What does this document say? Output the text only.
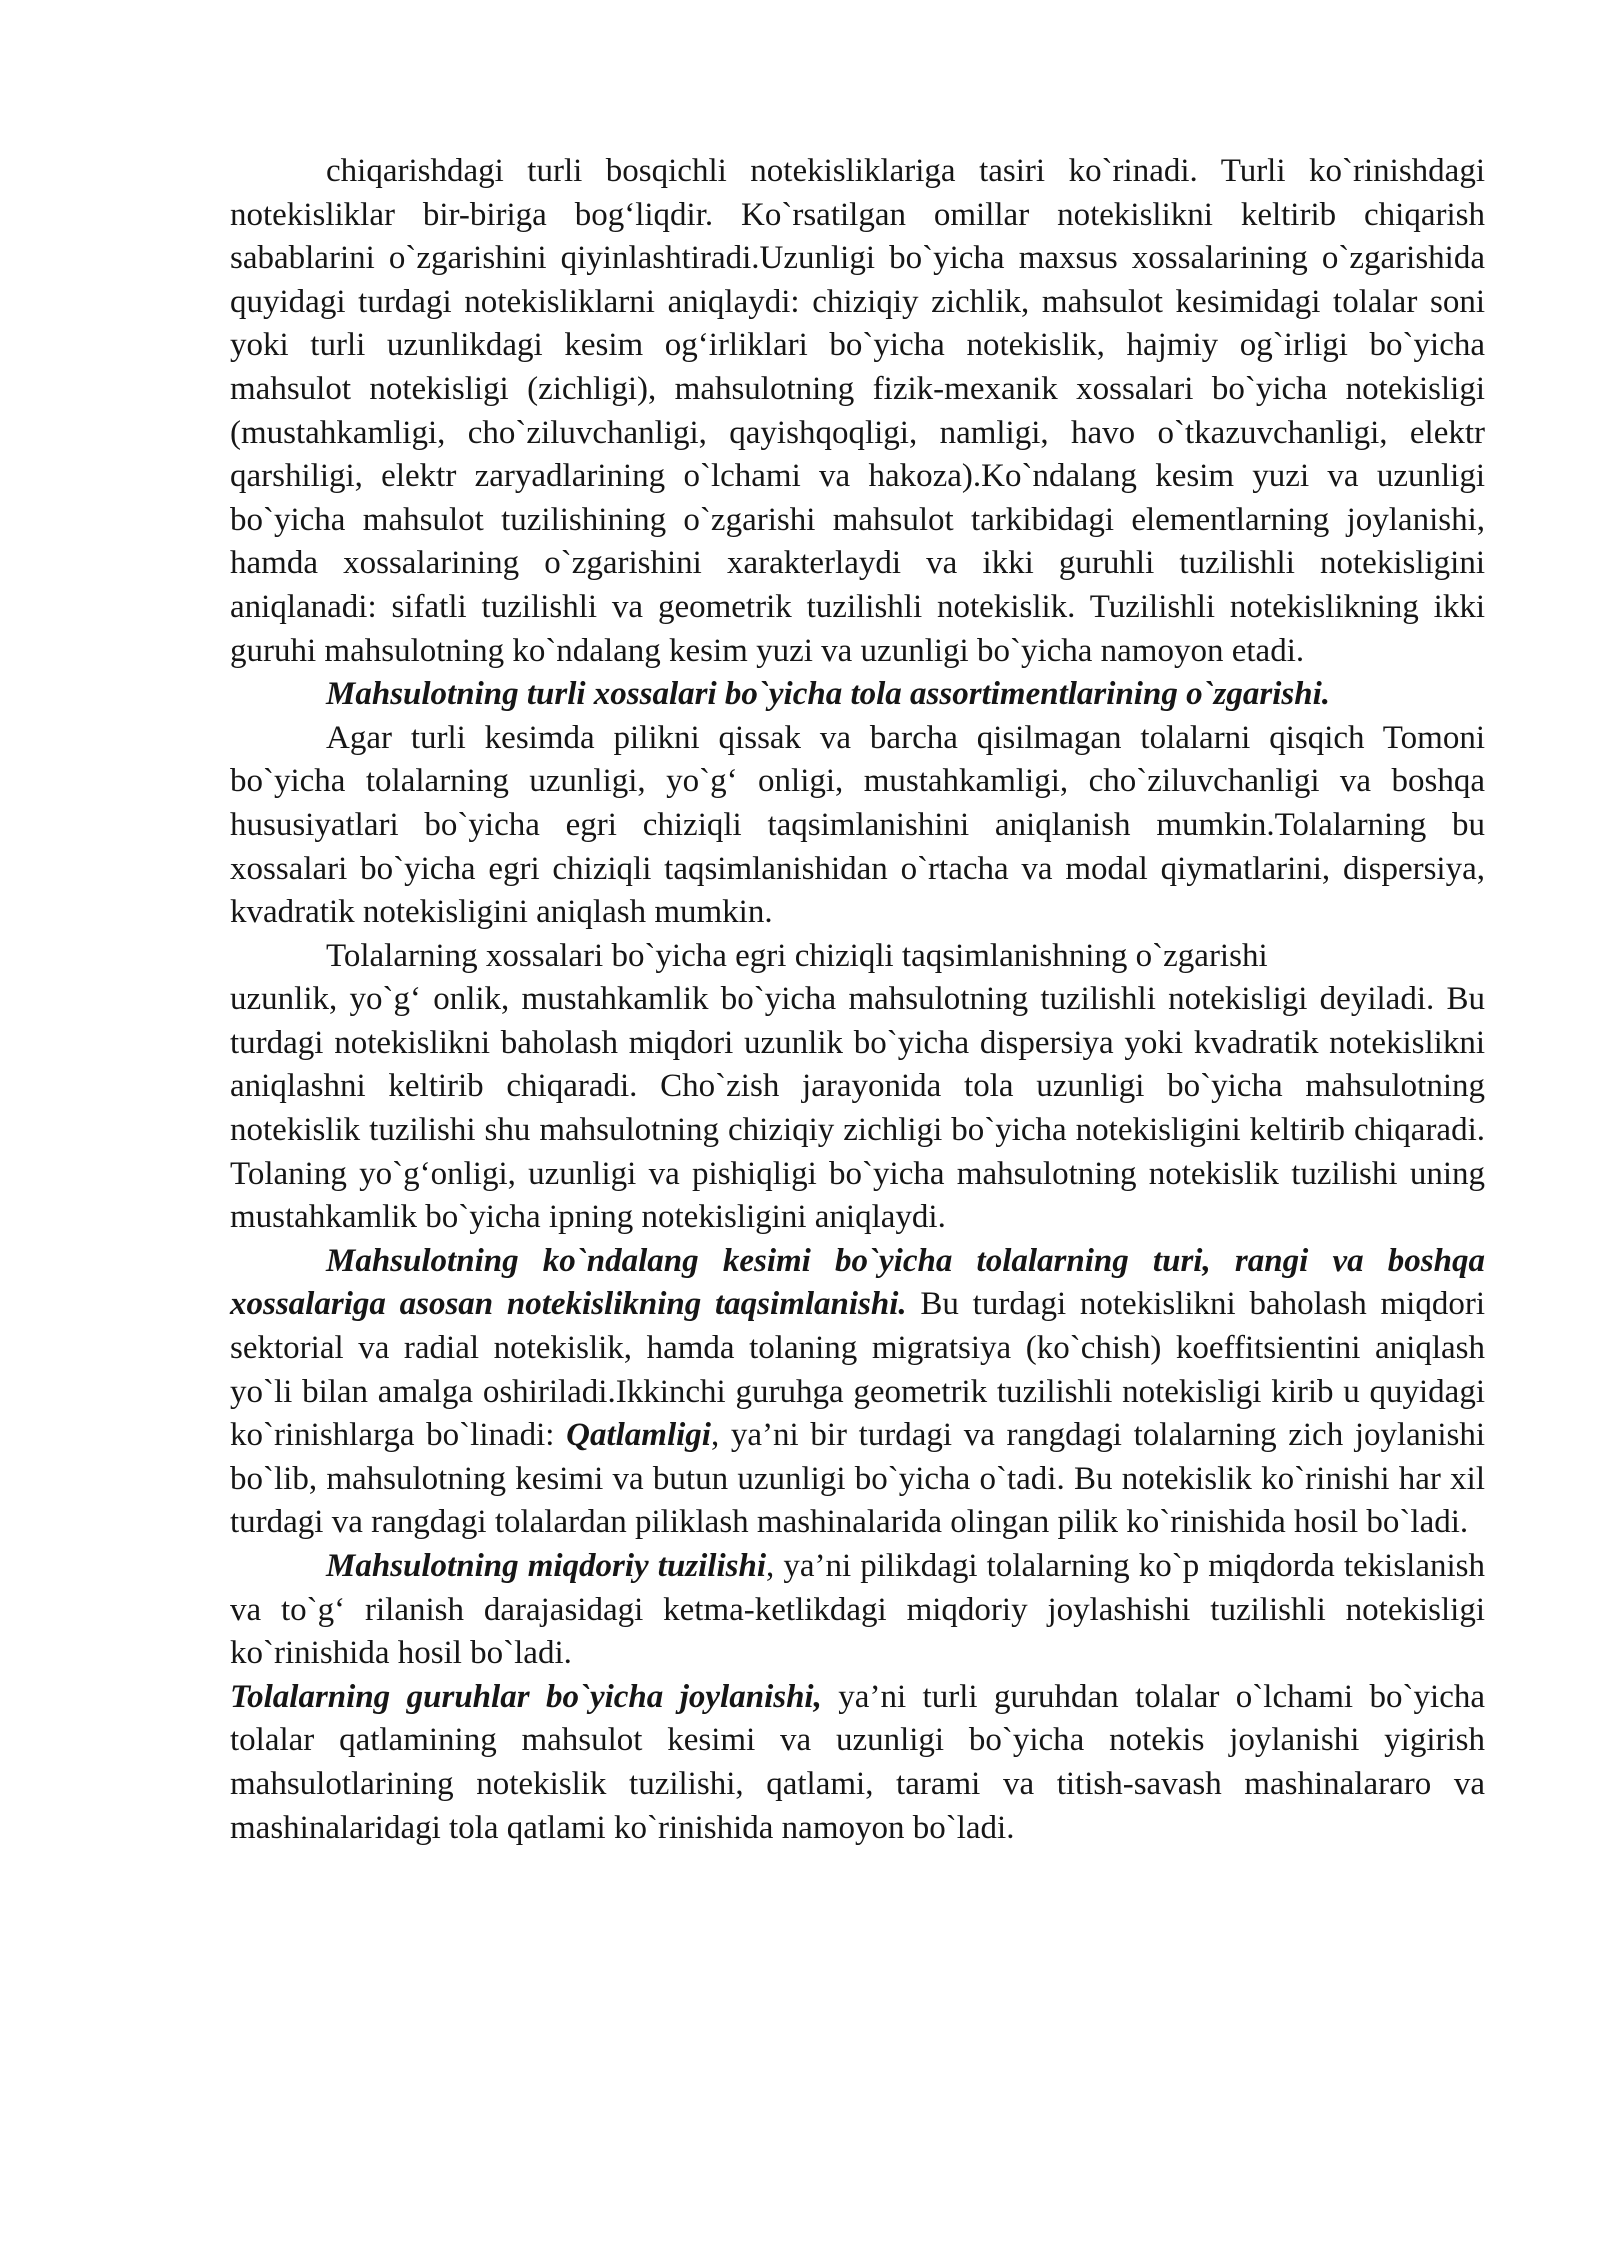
chiqarishdagi turli bosqichli notekisliklariga tasiri ko`rinadi. Turli ko`rinishdagi notekisliklar bir-biriga bogʻliqdir. Ko`rsatilgan omillar notekislikni keltirib chiqarish sabablarini o`zgarishini qiyinlashtiradi.Uzunligi bo`yicha maxsus xossalarining o`zgarishida quyidagi turdagi notekisliklarni aniqlaydi: chiziqiy zichlik, mahsulot kesimidagi tolalar soni yoki turli uzunlikdagi kesim ogʻirliklari bo`yicha notekislik, hajmiy og`irligi bo`yicha mahsulot notekisligi (zichligi), mahsulotning fizik-mexanik xossalari bo`yicha notekisligi (mustahkamligi, cho`ziluvchanligi, qayishqoqligi, namligi, havo o`tkazuvchanligi, elektr qarshiligi, elektr zaryadlarining o`lchami va hakoza).Ko`ndalang kesim yuzi va uzunligi bo`yicha mahsulot tuzilishining o`zgarishi mahsulot tarkibidagi elementlarning joylanishi, hamda xossalarining o`zgarishini xarakterlaydi va ikki guruhli tuzilishli notekisligini aniqlanadi: sifatli tuzilishli va geometrik tuzilishli notekislik. Tuzilishli notekislikning ikki guruhi mahsulotning ko`ndalang kesim yuzi va uzunligi bo`yicha namoyon etadi.

Mahsulotning turli xossalari bo`yicha tola assortimentlarining o`zgarishi.

Agar turli kesimda pilikni qissak va barcha qisilmagan tolalarni qisqich Tomoni bo`yicha tolalarning uzunligi, yo`gʻ onligi, mustahkamligi, cho`ziluvchanligi va boshqa hususiyatlari bo`yicha egri chiziqli taqsimlanishini aniqlanish mumkin.Tolalarning bu xossalari bo`yicha egri chiziqli taqsimlanishidan o`rtacha va modal qiymatlarini, dispersiya, kvadratik notekisligini aniqlash mumkin.

Tolalarning xossalari bo`yicha egri chiziqli taqsimlanishning o`zgarishi

uzunlik, yo`gʻ onlik, mustahkamlik bo`yicha mahsulotning tuzilishli notekisligi deyiladi. Bu turdagi notekislikni baholash miqdori uzunlik bo`yicha dispersiya yoki kvadratik notekislikni aniqlashni keltirib chiqaradi. Cho`zish jarayonida tola uzunligi bo`yicha mahsulotning notekislik tuzilishi shu mahsulotning chiziqiy zichligi bo`yicha notekisligini keltirib chiqaradi. Tolaning yo`gʻonligi, uzunligi va pishiqligi bo`yicha mahsulotning notekislik tuzilishi uning mustahkamlik bo`yicha ipning notekisligini aniqlaydi.

Mahsulotning ko`ndalang kesimi bo`yicha tolalarning turi, rangi va boshqa xossalariga asosan notekislikning taqsimlanishi. Bu turdagi notekislikni baholash miqdori sektorial va radial notekislik, hamda tolaning migratsiya (ko`chish) koeffitsientini aniqlash yo`li bilan amalga oshiriladi.Ikkinchi guruhga geometrik tuzilishli notekisligi kirib u quyidagi ko`rinishlarga bo`linadi: Qatlamligi, ya’ni bir turdagi va rangdagi tolalarning zich joylanishi bo`lib, mahsulotning kesimi va butun uzunligi bo`yicha o`tadi. Bu notekislik ko`rinishi har xil turdagi va rangdagi tolalardan piliklash mashinalarida olingan pilik ko`rinishida hosil bo`ladi.

Mahsulotning miqdoriy tuzilishi, ya’ni pilikdagi tolalarning ko`p miqdorda tekislanish va to`gʻ rilanish darajasidagi ketma-ketlikdagi miqdoriy joylashishi tuzilishli notekisligi ko`rinishida hosil bo`ladi.

Tolalarning guruhlar bo`yicha joylanishi, ya’ni turli guruhdan tolalar o`lchami bo`yicha tolalar qatlamining mahsulot kesimi va uzunligi bo`yicha notekis joylanishi yigirish mahsulotlarining notekislik tuzilishi, qatlami, tarami va titish-savash mashinalararo va mashinalaridagi tola qatlami ko`rinishida namoyon bo`ladi.
